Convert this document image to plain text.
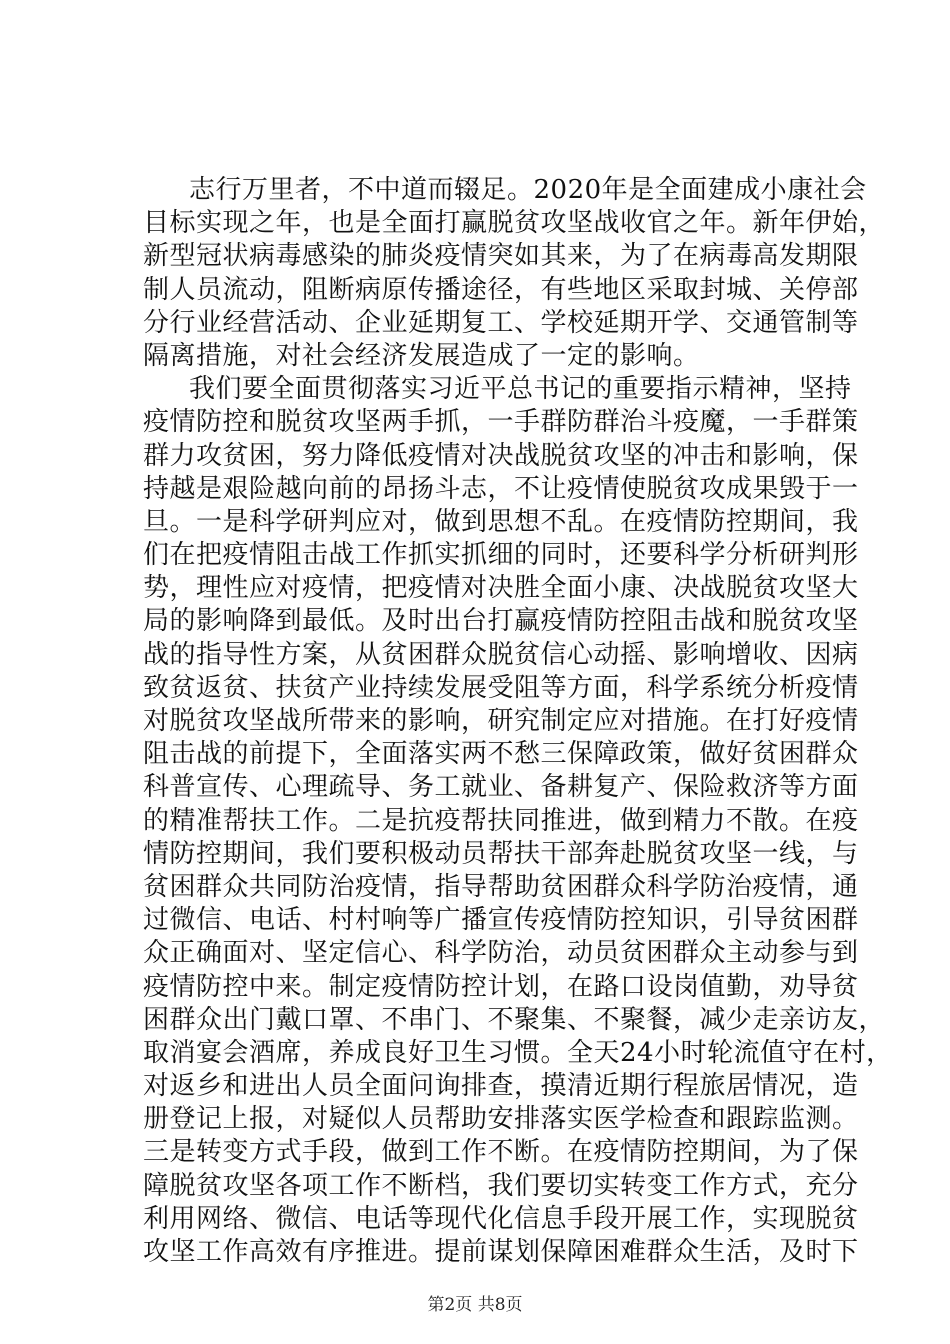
志行万里者，不中道而辍足。2020年是全面建成小康社会
目标实现之年，也是全面打赢脱贫攻坚战收官之年。新年伊始，
新型冠状病毒感染的肺炎疫情突如其来，为了在病毒高发期限
制人员流动，阻断病原传播途径，有些地区采取封城、关停部
分行业经营活动、企业延期复工、学校延期开学、交通管制等
隔离措施，对社会经济发展造成了一定的影响。
我们要全面贯彻落实习近平总书记的重要指示精神，坚持
疫情防控和脱贫攻坚两手抓，一手群防群治斗疫魔，一手群策
群力攻贫困，努力降低疫情对决战脱贫攻坚的冲击和影响，保
持越是艰险越向前的昂扬斗志，不让疫情使脱贫攻成果毁于一
旦。一是科学研判应对，做到思想不乱。在疫情防控期间，我
们在把疫情阻击战工作抓实抓细的同时，还要科学分析研判形
势，理性应对疫情，把疫情对决胜全面小康、决战脱贫攻坚大
局的影响降到最低。及时出台打赢疫情防控阻击战和脱贫攻坚
战的指导性方案，从贫困群众脱贫信心动摇、影响增收、因病
致贫返贫、扶贫产业持续发展受阻等方面，科学系统分析疫情
对脱贫攻坚战所带来的影响，研究制定应对措施。在打好疫情
阻击战的前提下，全面落实两不愁三保障政策，做好贫困群众
科普宣传、心理疏导、务工就业、备耕复产、保险救济等方面
的精准帮扶工作。二是抗疫帮扶同推进，做到精力不散。在疫
情防控期间，我们要积极动员帮扶干部奔赴脱贫攻坚一线，与
贫困群众共同防治疫情，指导帮助贫困群众科学防治疫情，通
过微信、电话、村村响等广播宣传疫情防控知识，引导贫困群
众正确面对、坚定信心、科学防治，动员贫困群众主动参与到
疫情防控中来。制定疫情防控计划，在路口设岗值勤，劝导贫
困群众出门戴口罩、不串门、不聚集、不聚餐，减少走亲访友，
取消宴会酒席，养成良好卫生习惯。全天24小时轮流值守在村，
对返乡和进出人员全面问询排查，摸清近期行程旅居情况，造
册登记上报，对疑似人员帮助安排落实医学检查和跟踪监测。
三是转变方式手段，做到工作不断。在疫情防控期间，为了保
障脱贫攻坚各项工作不断档，我们要切实转变工作方式，充分
利用网络、微信、电话等现代化信息手段开展工作，实现脱贫
攻坚工作高效有序推进。提前谋划保障困难群众生活，及时下
第2页 共8页
